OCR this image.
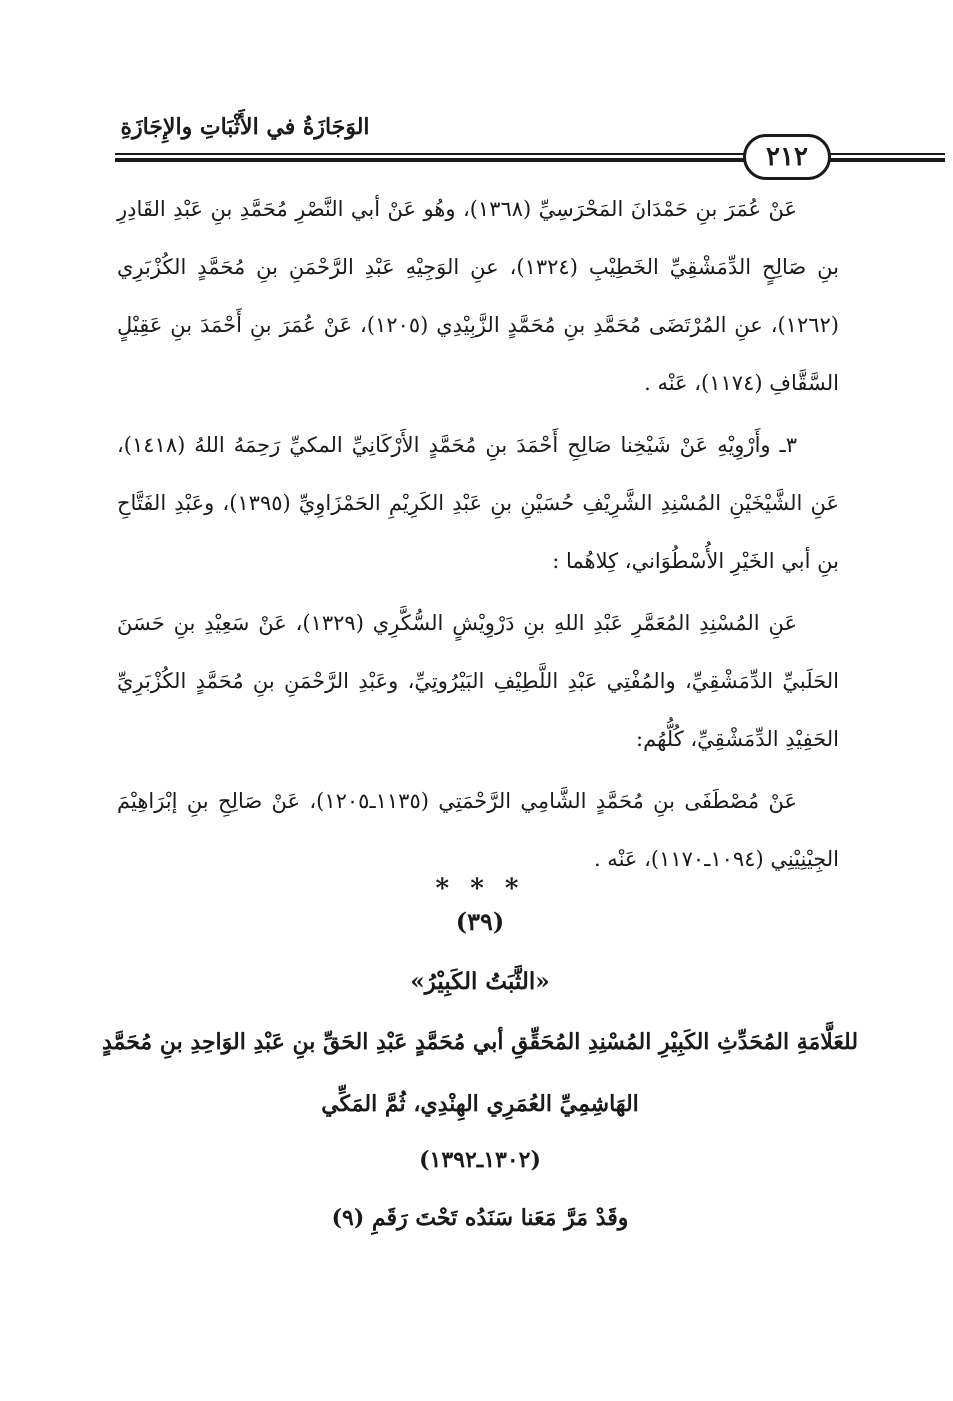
الوَجَازَةُ في الأَثْبَاتِ والإِجَازَةِ
٢١٢

عَنْ عُمَرَ بنِ حَمْدَانَ المَحْرَسِيِّ (١٣٦٨)، وهُو عَنْ أبي النَّصْرِ مُحَمَّدِ بنِ عَبْدِ القَادِرِ بنِ صَالِحٍ الدِّمَشْقِيِّ الخَطِيْبِ (١٣٢٤)، عنِ الوَجِيْهِ عَبْدِ الرَّحْمَنِ بنِ مُحَمَّدٍ الكُزْبَرِي (١٢٦٢)، عنِ المُرْتَضَى مُحَمَّدِ بنِ مُحَمَّدٍ الزَّبِيْدِي (١٢٠٥)، عَنْ عُمَرَ بنِ أَحْمَدَ بنِ عَقِيْلٍ السَّقَّافِ (١١٧٤)، عَنْه .

٣ـ وأَرْوِيْهِ عَنْ شَيْخِنا صَالِحِ أَحْمَدَ بنِ مُحَمَّدٍ الأَرْكَانِيِّ المكيِّ رَحِمَهُ اللهُ (١٤١٨)، عَنِ الشَّيْخَيْنِ المُسْنِدِ الشَّرِيْفِ حُسَيْنِ بنِ عَبْدِ الكَرِيْمِ الحَمْزَاوِيِّ (١٣٩٥)، وعَبْدِ الفَتَّاحِ بنِ أبي الخَيْرِ الأُسْطُوَاني، كِلاهُما :

عَنِ المُسْنِدِ المُعَمَّرِ عَبْدِ اللهِ بنِ دَرْوِيْشٍ السُّكَّرِي (١٣٢٩)، عَنْ سَعِيْدِ بنِ حَسَنَ الحَلَبيِّ الدِّمَشْقِيِّ، والمُفْتِي عَبْدِ اللَّطِيْفِ البَيْرُوتِيِّ، وعَبْدِ الرَّحْمَنِ بنِ مُحَمَّدٍ الكُزْبَرِيِّ الحَفِيْدِ الدِّمَشْقِيِّ، كُلُّهُم:

عَنْ مُصْطَفَى بنِ مُحَمَّدٍ الشَّامِي الرَّحْمَتِي (١١٣٥ـ١٢٠٥)، عَنْ صَالِحِ بنِ إبْرَاهِيْمَ الجِيْنِيْنِي (١٠٩٤ـ١١٧٠)، عَنْه .

* * *
(٣٩)
«الثَّبَتُ الكَبِيْرُ»
للعَلَّامَةِ المُحَدِّثِ الكَبِيْرِ المُسْنِدِ المُحَقِّقِ أبي مُحَمَّدٍ عَبْدِ الحَقِّ بنِ عَبْدِ الوَاحِدِ بنِ مُحَمَّدٍ
الهَاشِمِيِّ العُمَرِي الهِنْدِي، ثُمَّ المَكِّي
(١٣٠٢ـ١٣٩٢)
وقَدْ مَرَّ مَعَنا سَنَدُه تَحْتَ رَقَمِ (٩)
